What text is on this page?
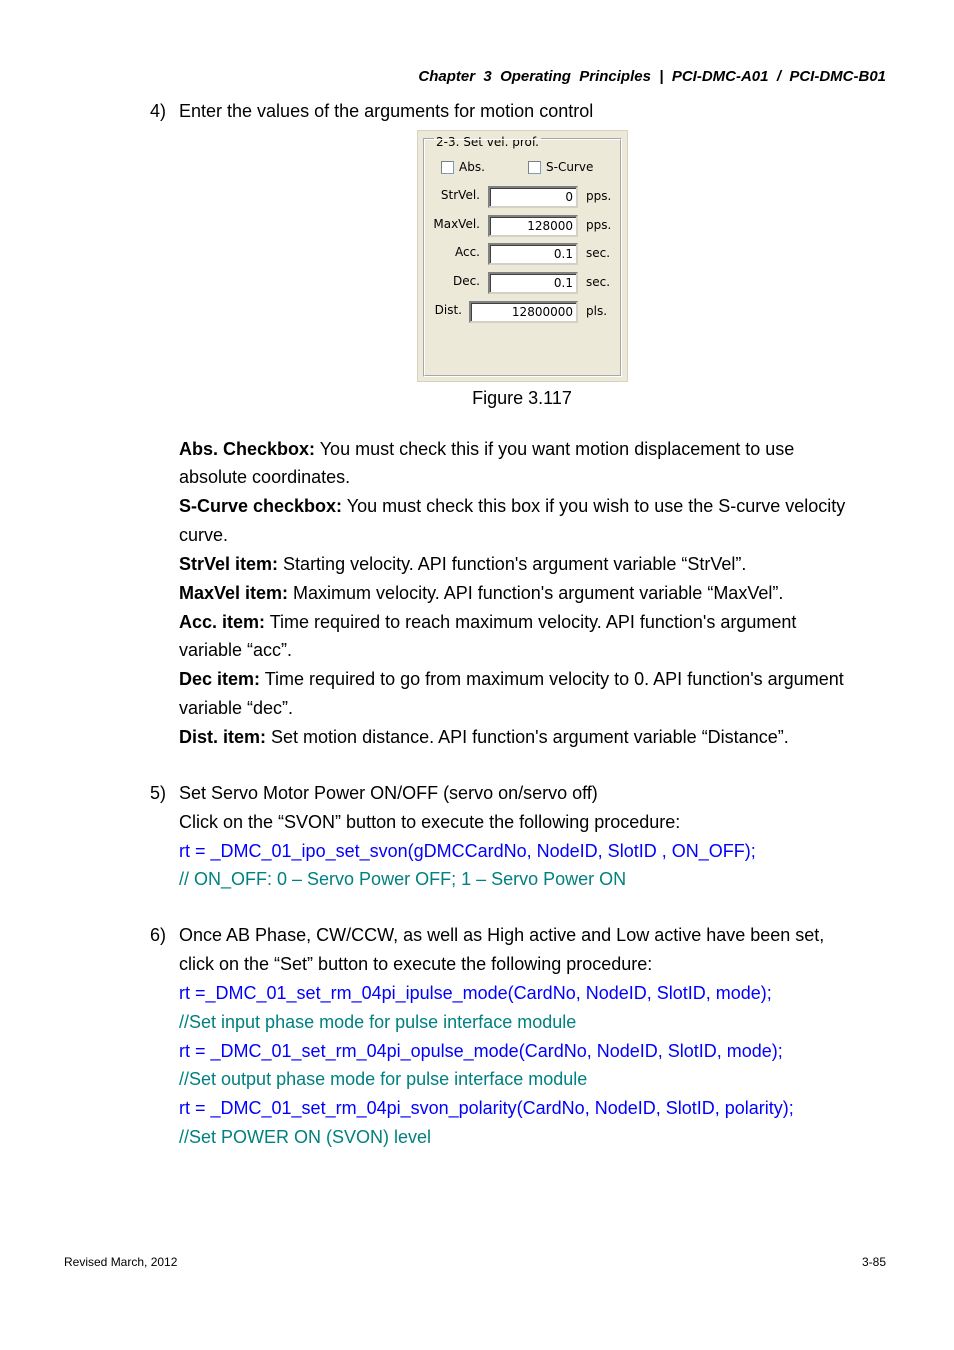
Chapter  3  Operating  Principles  |  PCI-DMC-A01  /  PCI-DMC-B01
4) Enter the values of the arguments for motion control
2-3. Set vel. prof.
Abs.	S-Curve
StrVel.	0	pps.
MaxVel.	128000	pps.
Acc.	0.1	sec.
Dec.	0.1	sec.
Dist.	12800000	pls.
Figure 3.117
Abs. Checkbox: You must check this if you want motion displacement to use
absolute coordinates.
S-Curve checkbox: You must check this box if you wish to use the S-curve velocity
curve.
StrVel item: Starting velocity. API function's argument variable “StrVel”.
MaxVel item: Maximum velocity. API function's argument variable “MaxVel”.
Acc. item: Time required to reach maximum velocity. API function's argument
variable “acc”.
Dec item: Time required to go from maximum velocity to 0. API function's argument
variable “dec”.
Dist. item: Set motion distance. API function's argument variable “Distance”.
5) Set Servo Motor Power ON/OFF (servo on/servo off)
Click on the “SVON” button to execute the following procedure:
rt = _DMC_01_ipo_set_svon(gDMCCardNo, NodeID, SlotID , ON_OFF);
// ON_OFF: 0 – Servo Power OFF; 1 – Servo Power ON
6) Once AB Phase, CW/CCW, as well as High active and Low active have been set,
click on the “Set” button to execute the following procedure:
rt =_DMC_01_set_rm_04pi_ipulse_mode(CardNo, NodeID, SlotID, mode);
//Set input phase mode for pulse interface module
rt = _DMC_01_set_rm_04pi_opulse_mode(CardNo, NodeID, SlotID, mode);
//Set output phase mode for pulse interface module
rt = _DMC_01_set_rm_04pi_svon_polarity(CardNo, NodeID, SlotID, polarity);
//Set POWER ON (SVON) level
Revised March, 2012	3-85
